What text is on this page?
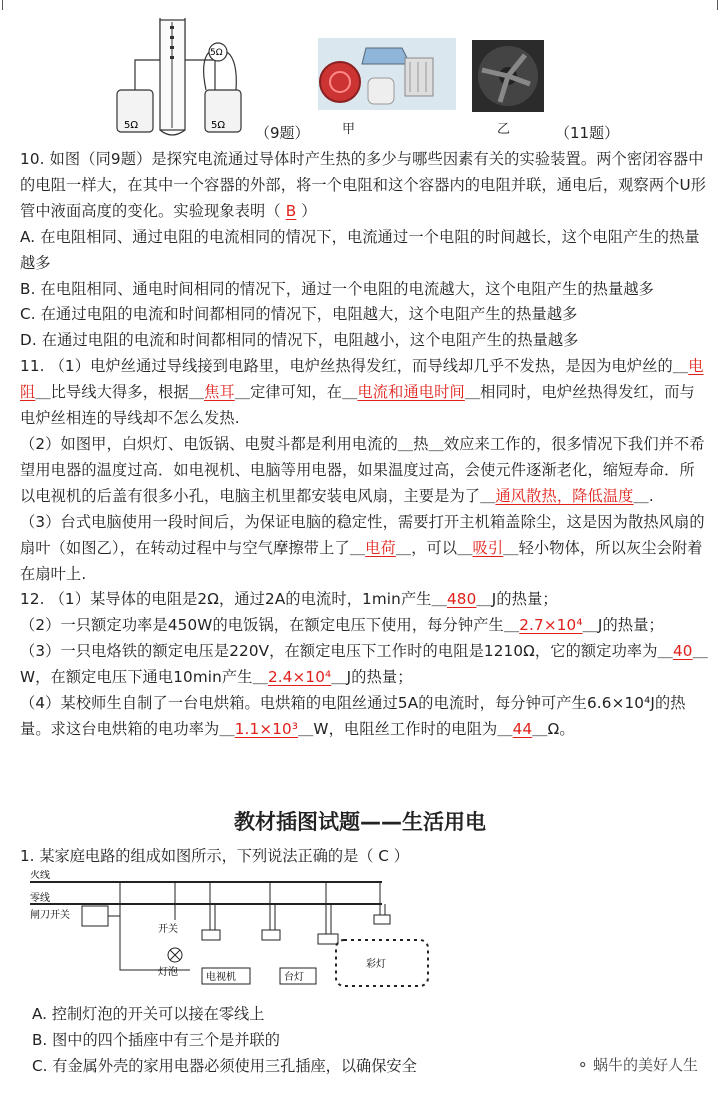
5Ω	5Ω
5Ω
（9题） 甲	乙	（11题）

10. 如图（同9题）是探究电流通过导体时产生热的多少与哪些因素有关的实验装置。两个密闭容器中的电阻一样大，在其中一个容器的外部，将一个电阻和这个容器内的电阻并联，通电后，观察两个U形管中液面高度的变化。实验现象表明（ B ）

A. 在电阻相同、通过电阻的电流相同的情况下，电流通过一个电阻的时间越长，这个电阻产生的热量越多

B. 在电阻相同、通电时间相同的情况下，通过一个电阻的电流越大，这个电阻产生的热量越多

C. 在通过电阻的电流和时间都相同的情况下，电阻越大，这个电阻产生的热量越多

D. 在通过电阻的电流和时间都相同的情况下，电阻越小，这个电阻产生的热量越多

11. （1）电炉丝通过导线接到电路里，电炉丝热得发红，而导线却几乎不发热，是因为电炉丝的＿电阻＿比导线大得多，根据＿焦耳＿定律可知，在＿电流和通电时间＿相同时，电炉丝热得发红，而与电炉丝相连的导线却不怎么发热.

（2）如图甲，白炽灯、电饭锅、电熨斗都是利用电流的＿热＿效应来工作的，很多情况下我们并不希望用电器的温度过高．如电视机、电脑等用电器，如果温度过高，会使元件逐渐老化，缩短寿命．所以电视机的后盖有很多小孔，电脑主机里都安装电风扇，主要是为了＿通风散热，降低温度＿.

（3）台式电脑使用一段时间后，为保证电脑的稳定性，需要打开主机箱盖除尘，这是因为散热风扇的扇叶（如图乙），在转动过程中与空气摩擦带上了＿电荷＿，可以＿吸引＿轻小物体，所以灰尘会附着在扇叶上.

12. （1）某导体的电阻是2Ω，通过2A的电流时，1min产生＿480＿J的热量；

（2）一只额定功率是450W的电饭锅，在额定电压下使用，每分钟产生＿2.7×10⁴＿J的热量；

（3）一只电烙铁的额定电压是220V，在额定电压下工作时的电阻是1210Ω，它的额定功率为＿40＿W，在额定电压下通电10min产生＿2.4×10⁴＿J的热量；

（4）某校师生自制了一台电烘箱。电烘箱的电阻丝通过5A的电流时，每分钟可产生6.6×10⁴J的热量。求这台电烘箱的电功率为＿1.1×10³＿W，电阻丝工作时的电阻为＿44＿Ω。

教材插图试题——生活用电
1. 某家庭电路的组成如图所示，下列说法正确的是（ C ）
火线
零线
闸刀开关
灯泡
开关
电视机	台灯
彩灯

A. 控制灯泡的开关可以接在零线上

B. 图中的四个插座中有三个是并联的

C. 有金属外壳的家用电器必须使用三孔插座，以确保安全	⚬ 蜗牛的美好人生
